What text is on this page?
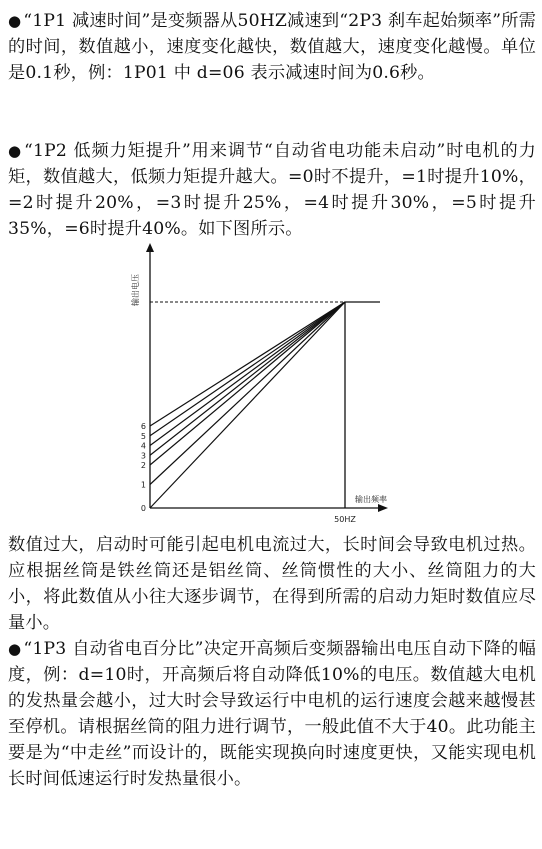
● “1P1 减速时间”是变频器从50HZ减速到“2P3 刹车起始频率”所需的时间，数值越小，速度变化越快，数值越大，速度变化越慢。单位是0.1秒，例：1P01 中 d=06 表示减速时间为0.6秒。
● “1P2 低频力矩提升”用来调节“自动省电功能未启动”时电机的力矩，数值越大，低频力矩提升越大。=0时不提升，=1时提升10%，=2时提升20%，=3时提升25%，=4时提升30%，=5时提升35%，=6时提升40%。如下图所示。
6
5
4
3
2
1
0
输出电压
输出频率
50HZ
数值过大，启动时可能引起电机电流过大，长时间会导致电机过热。应根据丝筒是铁丝筒还是铝丝筒、丝筒惯性的大小、丝筒阻力的大小，将此数值从小往大逐步调节，在得到所需的启动力矩时数值应尽量小。
● “1P3 自动省电百分比”决定开高频后变频器输出电压自动下降的幅度，例：d=10时，开高频后将自动降低10%的电压。数值越大电机的发热量会越小，过大时会导致运行中电机的运行速度会越来越慢甚至停机。请根据丝筒的阻力进行调节，一般此值不大于40。此功能主要是为“中走丝”而设计的，既能实现换向时速度更快，又能实现电机长时间低速运行时发热量很小。
